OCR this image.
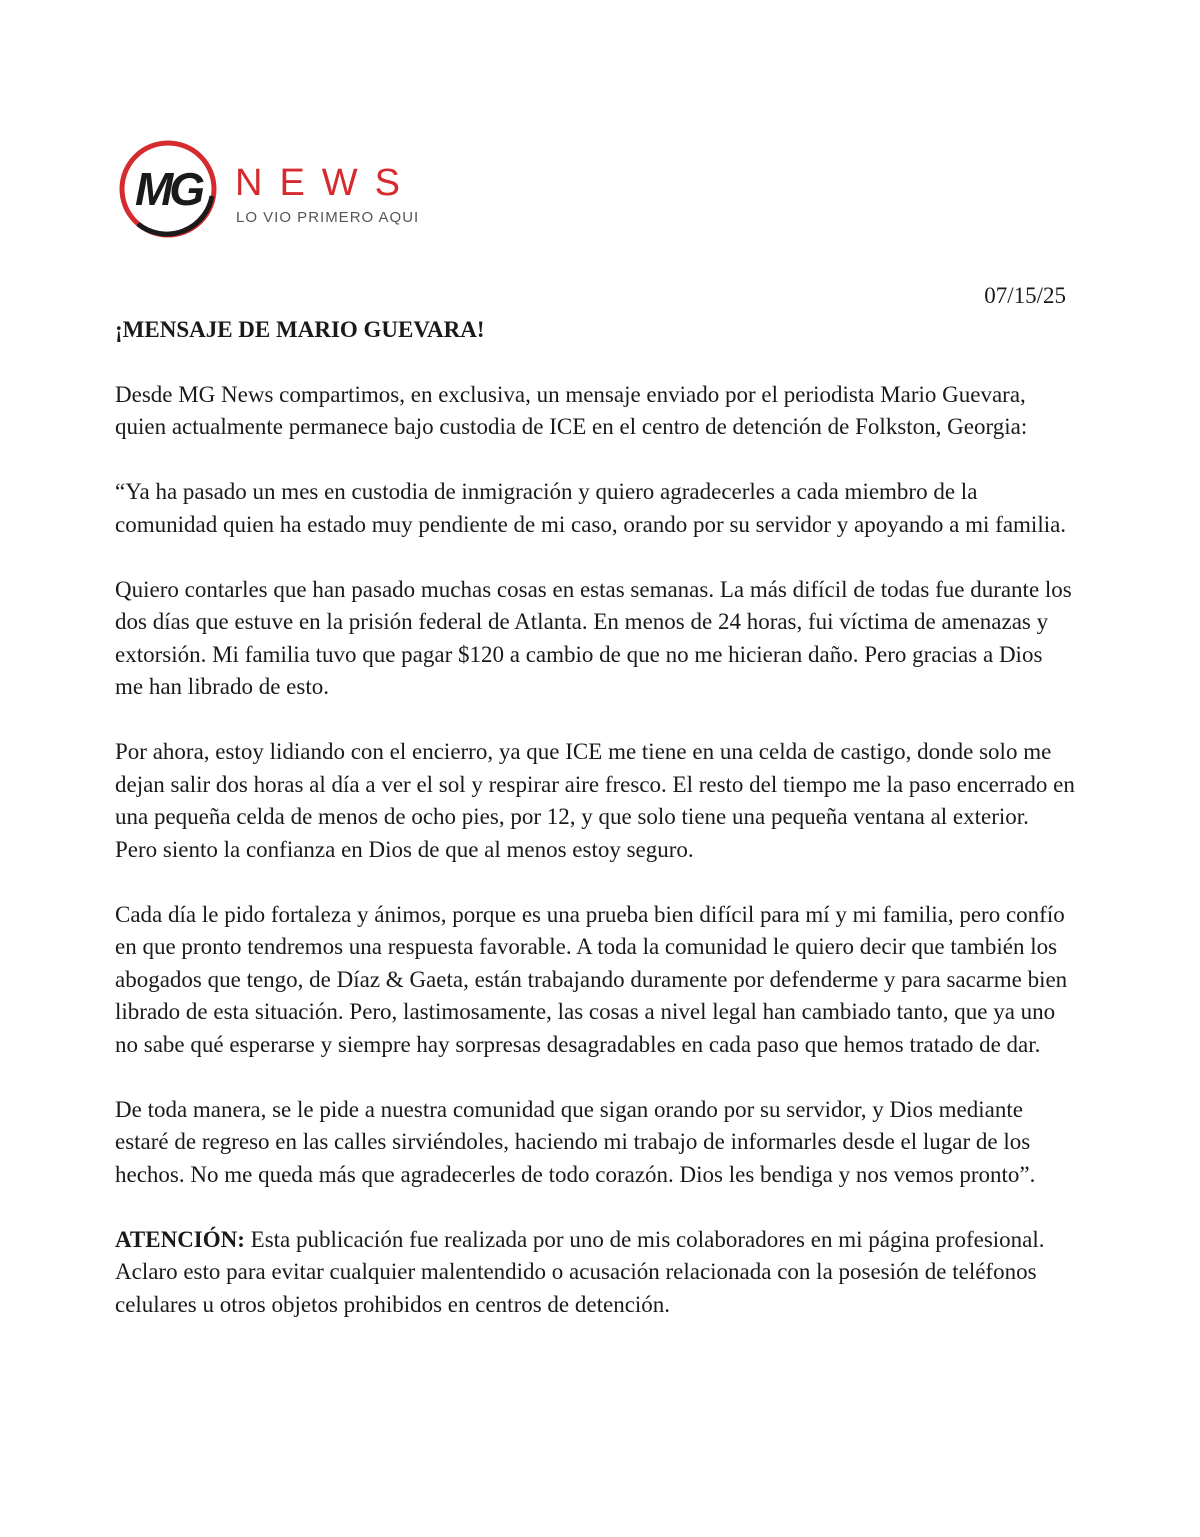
MG NEWS
LO VIO PRIMERO AQUI
07/15/25
¡MENSAJE DE MARIO GUEVARA!

Desde MG News compartimos, en exclusiva, un mensaje enviado por el periodista Mario Guevara, quien actualmente permanece bajo custodia de ICE en el centro de detención de Folkston, Georgia:

“Ya ha pasado un mes en custodia de inmigración y quiero agradecerles a cada miembro de la comunidad quien ha estado muy pendiente de mi caso, orando por su servidor y apoyando a mi familia.

Quiero contarles que han pasado muchas cosas en estas semanas. La más difícil de todas fue durante los dos días que estuve en la prisión federal de Atlanta. En menos de 24 horas, fui víctima de amenazas y extorsión. Mi familia tuvo que pagar $120 a cambio de que no me hicieran daño. Pero gracias a Dios me han librado de esto.

Por ahora, estoy lidiando con el encierro, ya que ICE me tiene en una celda de castigo, donde solo me dejan salir dos horas al día a ver el sol y respirar aire fresco. El resto del tiempo me la paso encerrado en una pequeña celda de menos de ocho pies, por 12, y que solo tiene una pequeña ventana al exterior. Pero siento la confianza en Dios de que al menos estoy seguro.

Cada día le pido fortaleza y ánimos, porque es una prueba bien difícil para mí y mi familia, pero confío en que pronto tendremos una respuesta favorable. A toda la comunidad le quiero decir que también los abogados que tengo, de Díaz & Gaeta, están trabajando duramente por defenderme y para sacarme bien librado de esta situación. Pero, lastimosamente, las cosas a nivel legal han cambiado tanto, que ya uno no sabe qué esperarse y siempre hay sorpresas desagradables en cada paso que hemos tratado de dar.

De toda manera, se le pide a nuestra comunidad que sigan orando por su servidor, y Dios mediante estaré de regreso en las calles sirviéndoles, haciendo mi trabajo de informarles desde el lugar de los hechos. No me queda más que agradecerles de todo corazón. Dios les bendiga y nos vemos pronto”.

ATENCIÓN: Esta publicación fue realizada por uno de mis colaboradores en mi página profesional. Aclaro esto para evitar cualquier malentendido o acusación relacionada con la posesión de teléfonos celulares u otros objetos prohibidos en centros de detención.
